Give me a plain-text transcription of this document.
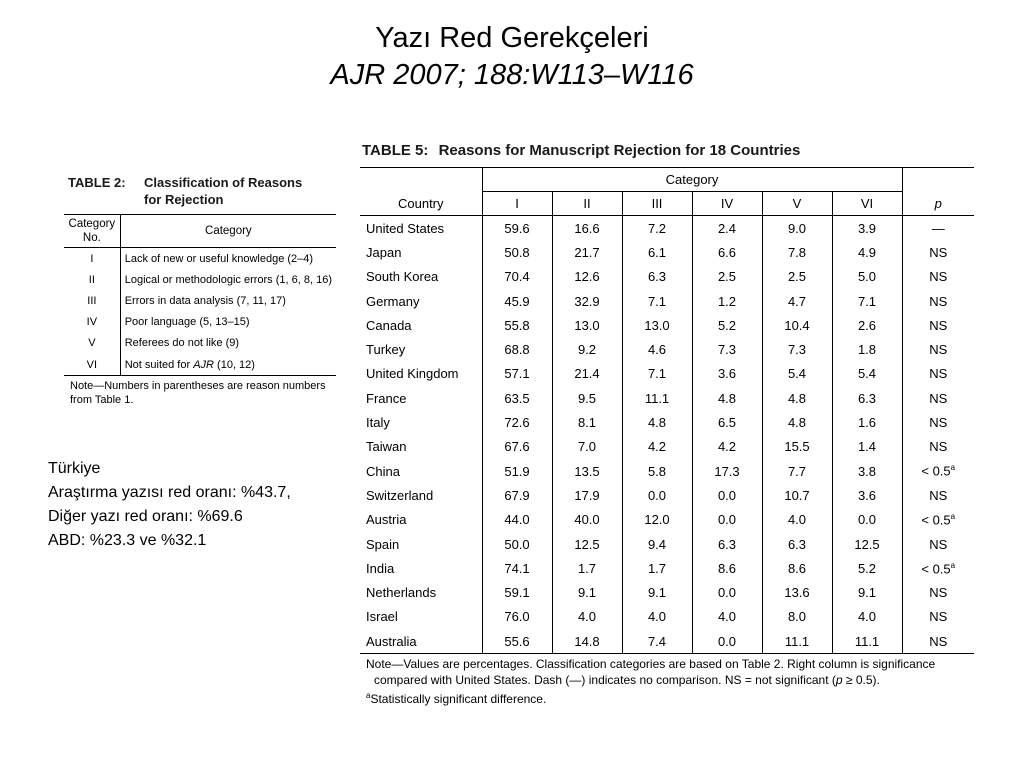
Yazı Red Gerekçeleri
AJR 2007; 188:W113–W116
TABLE 2:	Classification of Reasons
for Rejection
Category
No.	Category
I	Lack of new or useful knowledge (2–4)
II	Logical or methodologic errors (1, 6, 8, 16)
III	Errors in data analysis (7, 11, 17)
IV	Poor language (5, 13–15)
V	Referees do not like (9)
VI	Not suited for AJR (10, 12)
Note—Numbers in parentheses are reason numbers
from Table 1.
Türkiye
Araştırma yazısı red oranı: %43.7,
Diğer yazı red oranı: %69.6
ABD: %23.3 ve %32.1
TABLE 5: Reasons for Manuscript Rejection for 18 Countries
	Category						
Country	I	II	III	IV	V	VI	p
United States	59.6	16.6	7.2	2.4	9.0	3.9	—
Japan	50.8	21.7	6.1	6.6	7.8	4.9	NS
South Korea	70.4	12.6	6.3	2.5	2.5	5.0	NS
Germany	45.9	32.9	7.1	1.2	4.7	7.1	NS
Canada	55.8	13.0	13.0	5.2	10.4	2.6	NS
Turkey	68.8	9.2	4.6	7.3	7.3	1.8	NS
United Kingdom	57.1	21.4	7.1	3.6	5.4	5.4	NS
France	63.5	9.5	11.1	4.8	4.8	6.3	NS
Italy	72.6	8.1	4.8	6.5	4.8	1.6	NS
Taiwan	67.6	7.0	4.2	4.2	15.5	1.4	NS
China	51.9	13.5	5.8	17.3	7.7	3.8	< 0.5$^a$
Switzerland	67.9	17.9	0.0	0.0	10.7	3.6	NS
Austria	44.0	40.0	12.0	0.0	4.0	0.0	< 0.5$^a$
Spain	50.0	12.5	9.4	6.3	6.3	12.5	NS
India	74.1	1.7	1.7	8.6	8.6	5.2	< 0.5$^a$
Netherlands	59.1	9.1	9.1	0.0	13.6	9.1	NS
Israel	76.0	4.0	4.0	4.0	8.0	4.0	NS
Australia	55.6	14.8	7.4	0.0	11.1	11.1	NS
Note—Values are percentages. Classification categories are based on Table 2. Right column is significance
compared with United States. Dash (—) indicates no comparison. NS = not significant (p ≥ 0.5).
$^a$Statistically significant difference.
